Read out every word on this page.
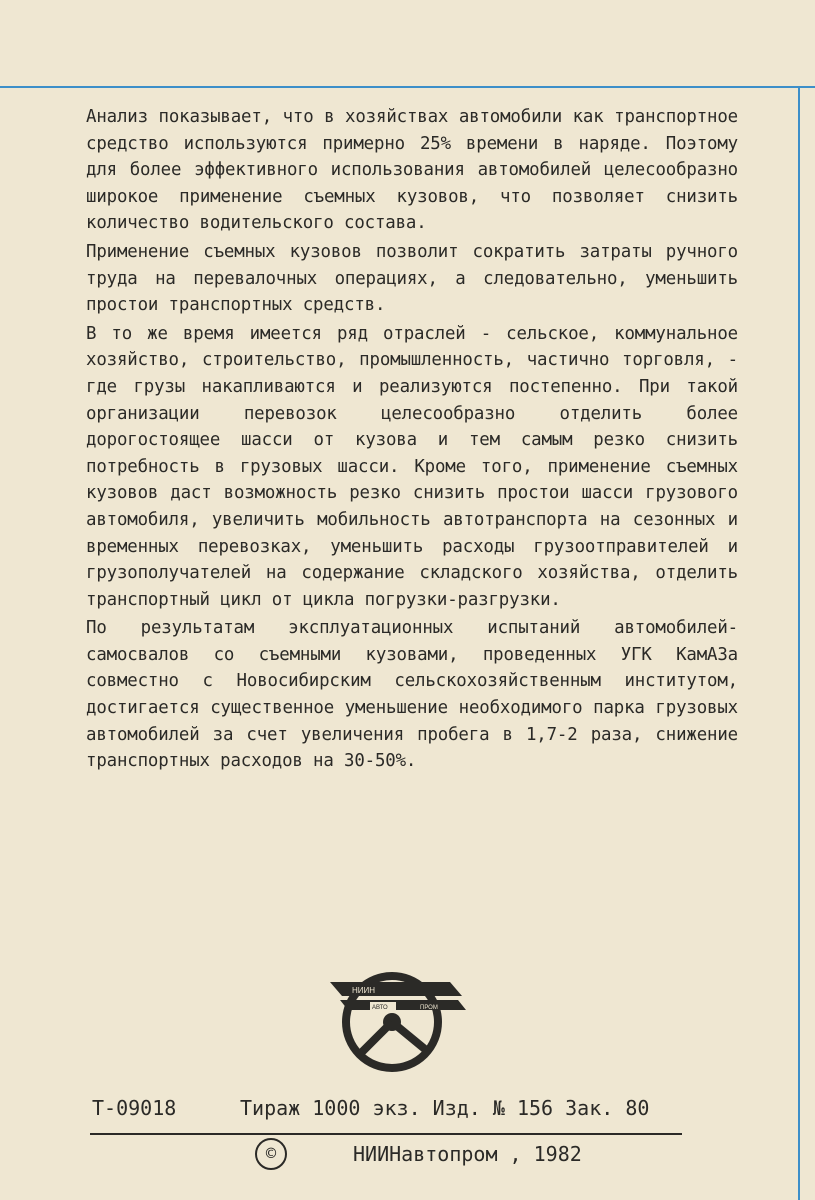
Анализ показывает, что в хозяйствах автомобили как транспортное средство используются примерно 25% времени в наряде. Поэтому для более эффективного использования автомобилей целесообразно широкое применение съемных кузовов, что позволяет снизить количество водительского состава.

Применение съемных кузовов позволит сократить затраты ручного труда на перевалочных операциях, а следовательно, уменьшить простои транспортных средств.

В то же время имеется ряд отраслей - сельское, коммунальное хозяйство, строительство, промышленность, частично торговля, - где грузы накапливаются и реализуются постепенно. При такой организации перевозок целесообразно отделить более дорогостоящее шасси от кузова и тем самым резко снизить потребность в грузовых шасси. Кроме того, применение съемных кузовов даст возможность резко снизить простои шасси грузового автомобиля, увеличить мобильность автотранспорта на сезонных и временных перевозках, уменьшить расходы грузоотправителей и грузополучателей на содержание складского хозяйства, отделить транспортный цикл от цикла погрузки-разгрузки.

По результатам эксплуатационных испытаний автомобилей-самосвалов со съемными кузовами, проведенных УГК КамАЗа совместно с Новосибирским сельскохозяйственным институтом, достигается существенное уменьшение необходимого парка грузовых автомобилей за счет увеличения пробега в 1,7-2 раза, снижение транспортных расходов на 30-50%.

НИИН
АВТО	ПРОМ
Т-09018	Тираж 1000 экз. Изд. № 156 Зак. 80
©	НИИНавтопром , 1982
